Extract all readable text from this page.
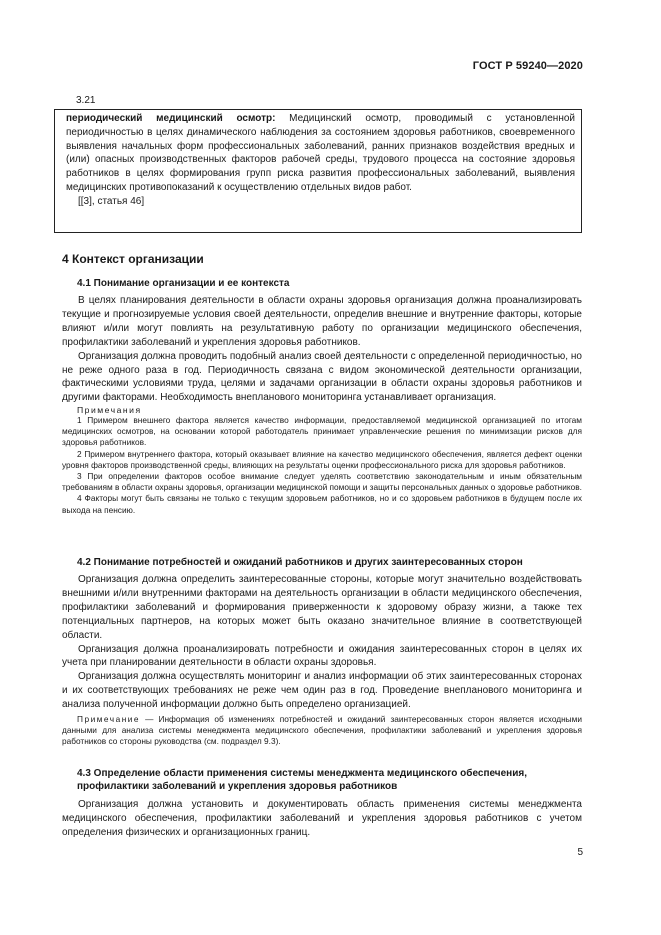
ГОСТ Р 59240—2020
3.21
периодический медицинский осмотр: Медицинский осмотр, проводимый с установленной периодичностью в целях динамического наблюдения за состоянием здоровья работников, своевременного выявления начальных форм профессиональных заболеваний, ранних признаков воздействия вредных и (или) опасных производственных факторов рабочей среды, трудового процесса на состояние здоровья работников в целях формирования групп риска развития профессиональных заболеваний, выявления медицинских противопоказаний к осуществлению отдельных видов работ.
[[3], статья 46]
4 Контекст организации
4.1 Понимание организации и ее контекста

В целях планирования деятельности в области охраны здоровья организация должна проанализировать текущие и прогнозируемые условия своей деятельности, определив внешние и внутренние факторы, которые влияют и/или могут повлиять на результативную работу по организации медицинского обеспечения, профилактики заболеваний и укрепления здоровья работников.

Организация должна проводить подобный анализ своей деятельности с определенной периодичностью, но не реже одного раза в год. Периодичность связана с видом экономической деятельности организации, фактическими условиями труда, целями и задачами организации в области охраны здоровья работников и другими факторами. Необходимость внепланового мониторинга устанавливает организация.

Примечания

1 Примером внешнего фактора является качество информации, предоставляемой медицинской организацией по итогам медицинских осмотров, на основании которой работодатель принимает управленческие решения по минимизации рисков для здоровья работников.

2 Примером внутреннего фактора, который оказывает влияние на качество медицинского обеспечения, является дефект оценки уровня факторов производственной среды, влияющих на результаты оценки профессионального риска для здоровья работников.

3 При определении факторов особое внимание следует уделять соответствию законодательным и иным обязательным требованиям в области охраны здоровья, организации медицинской помощи и защиты персональных данных о здоровье работников.

4 Факторы могут быть связаны не только с текущим здоровьем работников, но и со здоровьем работников в будущем после их выхода на пенсию.

4.2 Понимание потребностей и ожиданий работников и других заинтересованных сторон

Организация должна определить заинтересованные стороны, которые могут значительно воздействовать внешними и/или внутренними факторами на деятельность организации в области медицинского обеспечения, профилактики заболеваний и формирования приверженности к здоровому образу жизни, а также тех потенциальных партнеров, на которых может быть оказано значительное влияние в соответствующей области.

Организация должна проанализировать потребности и ожидания заинтересованных сторон в целях их учета при планировании деятельности в области охраны здоровья.

Организация должна осуществлять мониторинг и анализ информации об этих заинтересованных сторонах и их соответствующих требованиях не реже чем один раз в год. Проведение внепланового мониторинга и анализа полученной информации должно быть определено организацией.

Примечание — Информация об изменениях потребностей и ожиданий заинтересованных сторон является исходными данными для анализа системы менеджмента медицинского обеспечения, профилактики заболеваний и укрепления здоровья работников со стороны руководства (см. подраздел 9.3).

4.3 Определение области применения системы менеджмента медицинского обеспечения, профилактики заболеваний и укрепления здоровья работников

Организация должна установить и документировать область применения системы менеджмента медицинского обеспечения, профилактики заболеваний и укрепления здоровья работников с учетом определения физических и организационных границ.

5
